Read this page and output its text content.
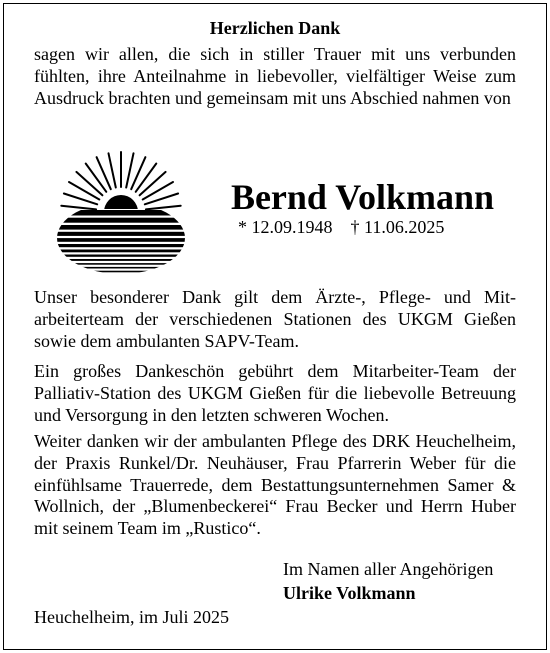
Herzlichen Dank
sagen wir allen, die sich in stiller Trauer mit uns verbunden fühlten, ihre Anteilnahme in liebevoller, vielfältiger Weise zum Ausdruck brachten und gemeinsam mit uns Abschied nahmen von
Bernd Volkmann
* 12.09.1948 † 11.06.2025
Unser besonderer Dank gilt dem Ärzte-, Pflege- und Mitarbeiterteam der verschiedenen Stationen des UKGM Gießen sowie dem ambulanten SAPV-Team.
Ein großes Dankeschön gebührt dem Mitarbeiter-Team der Palliativ-Station des UKGM Gießen für die liebevolle Betreuung und Versorgung in den letzten schweren Wochen.
Weiter danken wir der ambulanten Pflege des DRK Heuchelheim, der Praxis Runkel/Dr. Neuhäuser, Frau Pfarrerin Weber für die einfühlsame Trauerrede, dem Bestattungsunternehmen Samer & Wollnich, der „Blumenbeckerei“ Frau Becker und Herrn Huber mit seinem Team im „Rustico“.
Im Namen aller Angehörigen
Ulrike Volkmann
Heuchelheim, im Juli 2025
